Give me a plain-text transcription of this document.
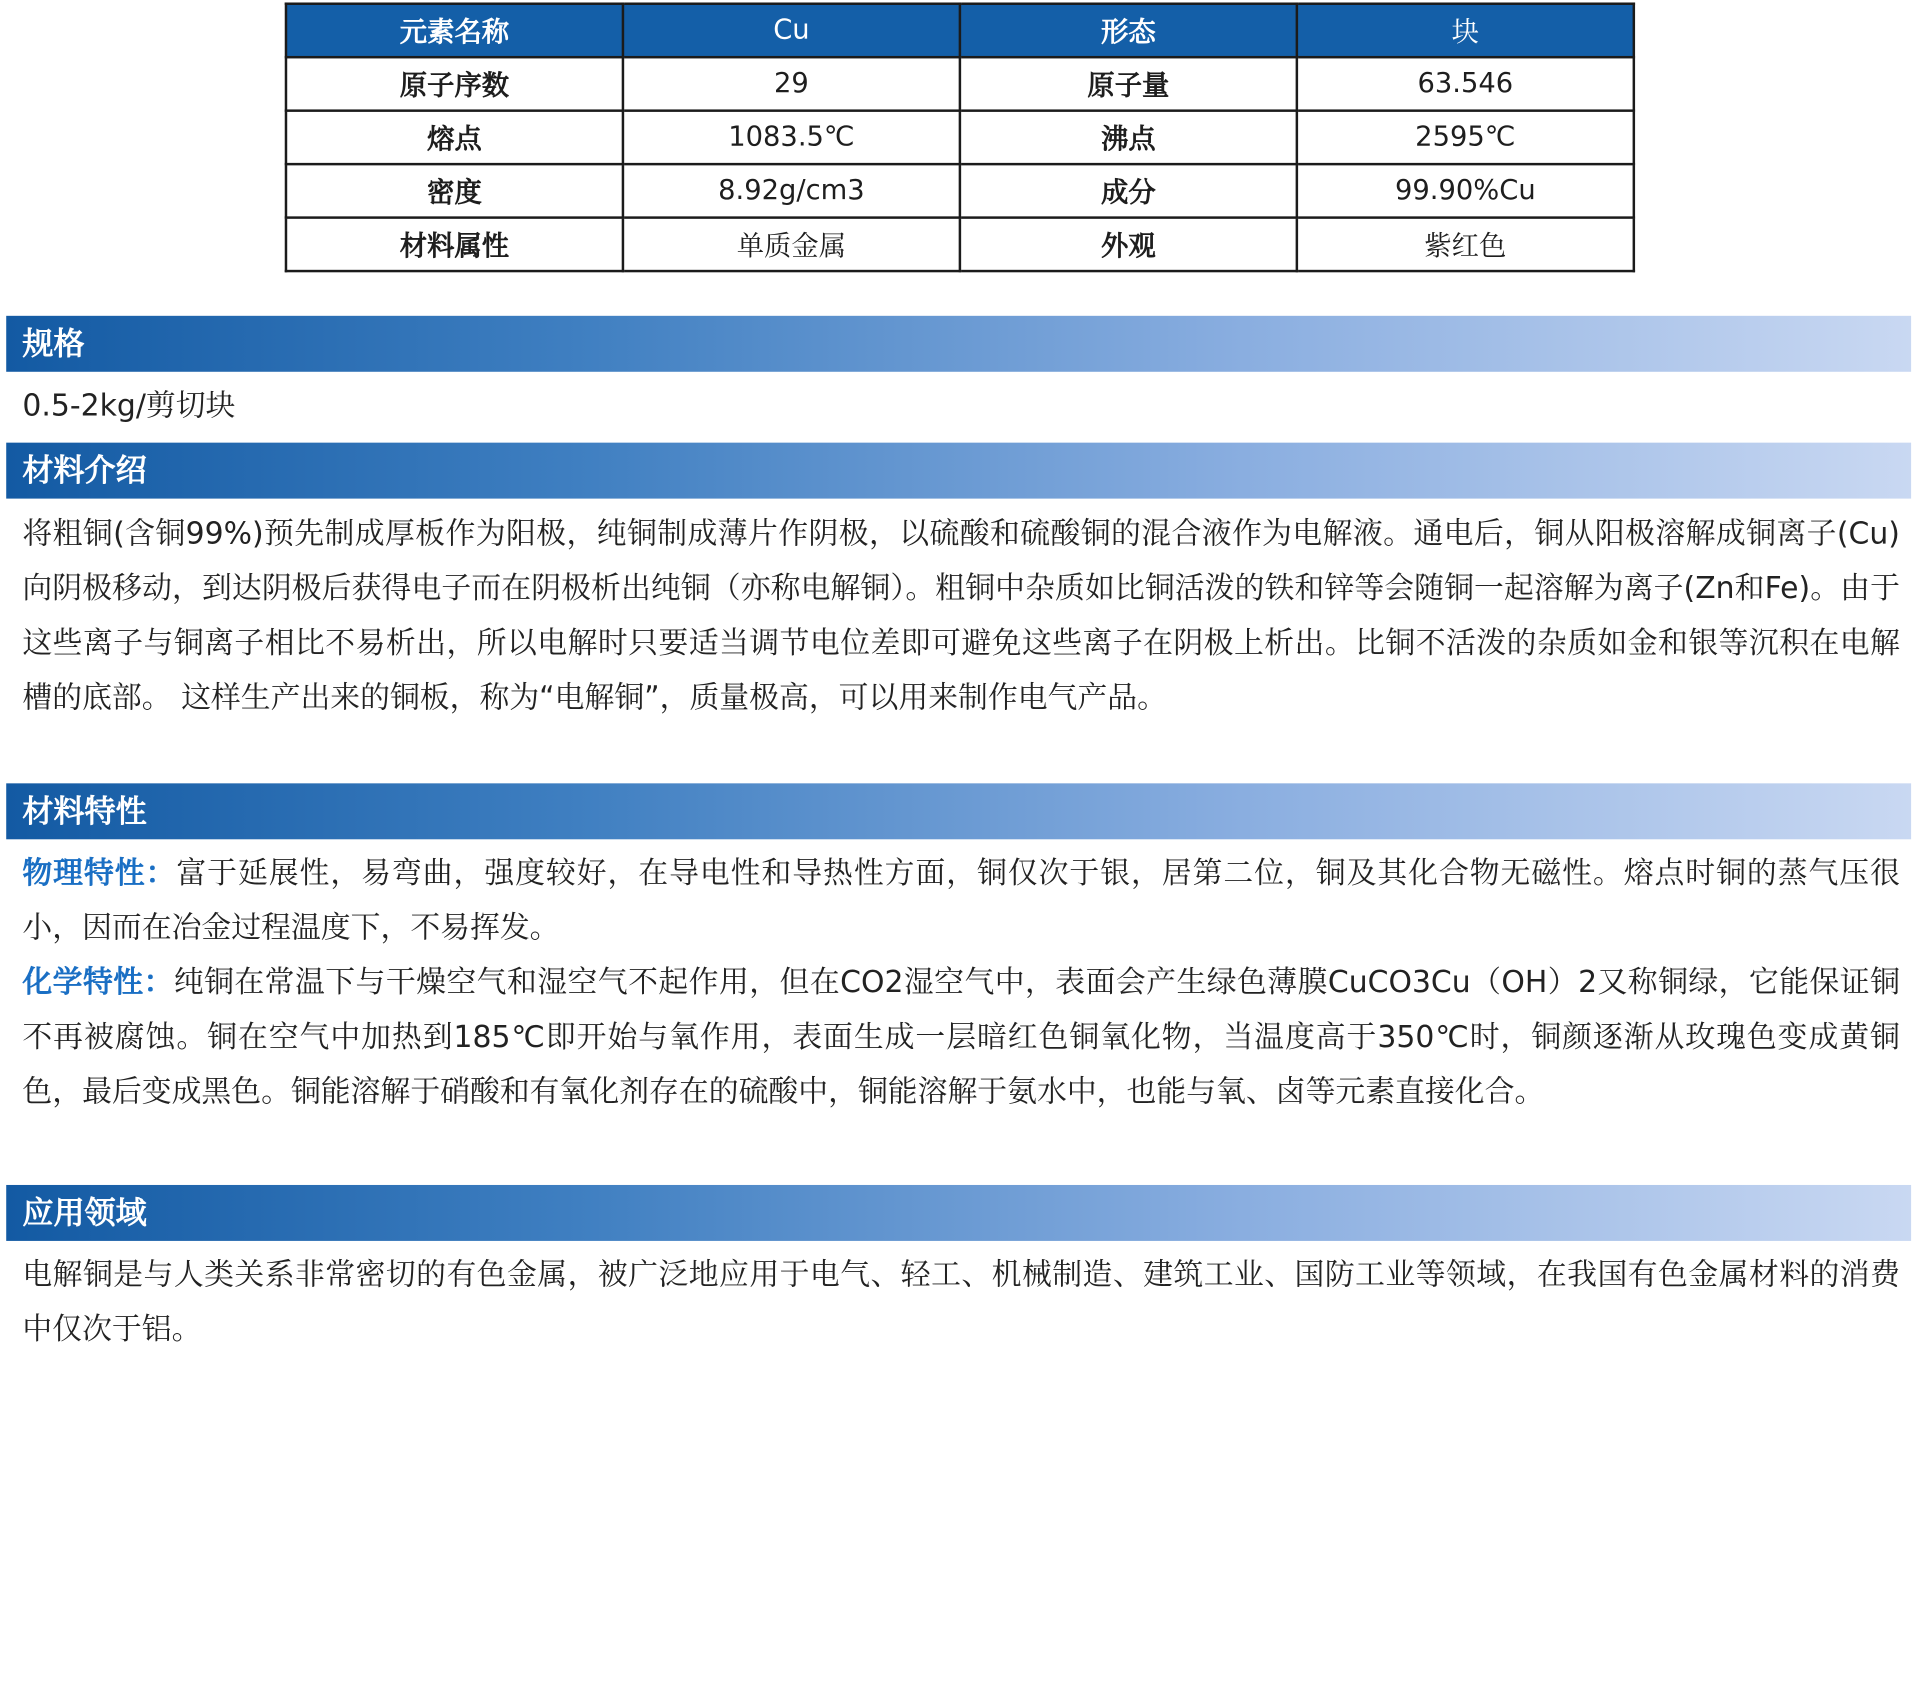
元素名称	Cu	形态	块
原子序数	29	原子量	63.546
熔点	1083.5℃	沸点	2595℃
密度	8.92g/cm3	成分	99.90%Cu
材料属性	单质金属	外观	紫红色
规格

0.5-2kg/剪切块

材料介绍

将粗铜(含铜99%)预先制成厚板作为阳极，纯铜制成薄片作阴极，以硫酸和硫酸铜的混合液作为电解液。通电后，铜从阳极溶解成铜离子(Cu)向阴极移动，到达阴极后获得电子而在阴极析出纯铜（亦称电解铜）。粗铜中杂质如比铜活泼的铁和锌等会随铜一起溶解为离子(Zn和Fe)。由于这些离子与铜离子相比不易析出，所以电解时只要适当调节电位差即可避免这些离子在阴极上析出。比铜不活泼的杂质如金和银等沉积在电解槽的底部。 这样生产出来的铜板，称为“电解铜”，质量极高，可以用来制作电气产品。

材料特性

物理特性：富于延展性，易弯曲，强度较好，在导电性和导热性方面，铜仅次于银，居第二位，铜及其化合物无磁性。熔点时铜的蒸气压很小，因而在冶金过程温度下，不易挥发。

化学特性：纯铜在常温下与干燥空气和湿空气不起作用，但在CO2湿空气中，表面会产生绿色薄膜CuCO3Cu（OH）2又称铜绿，它能保证铜不再被腐蚀。铜在空气中加热到185℃即开始与氧作用，表面生成一层暗红色铜氧化物，当温度高于350℃时，铜颜逐渐从玫瑰色变成黄铜色，最后变成黑色。铜能溶解于硝酸和有氧化剂存在的硫酸中，铜能溶解于氨水中，也能与氧、卤等元素直接化合。

应用领域

电解铜是与人类关系非常密切的有色金属，被广泛地应用于电气、轻工、机械制造、建筑工业、国防工业等领域，在我国有色金属材料的消费中仅次于铝。
